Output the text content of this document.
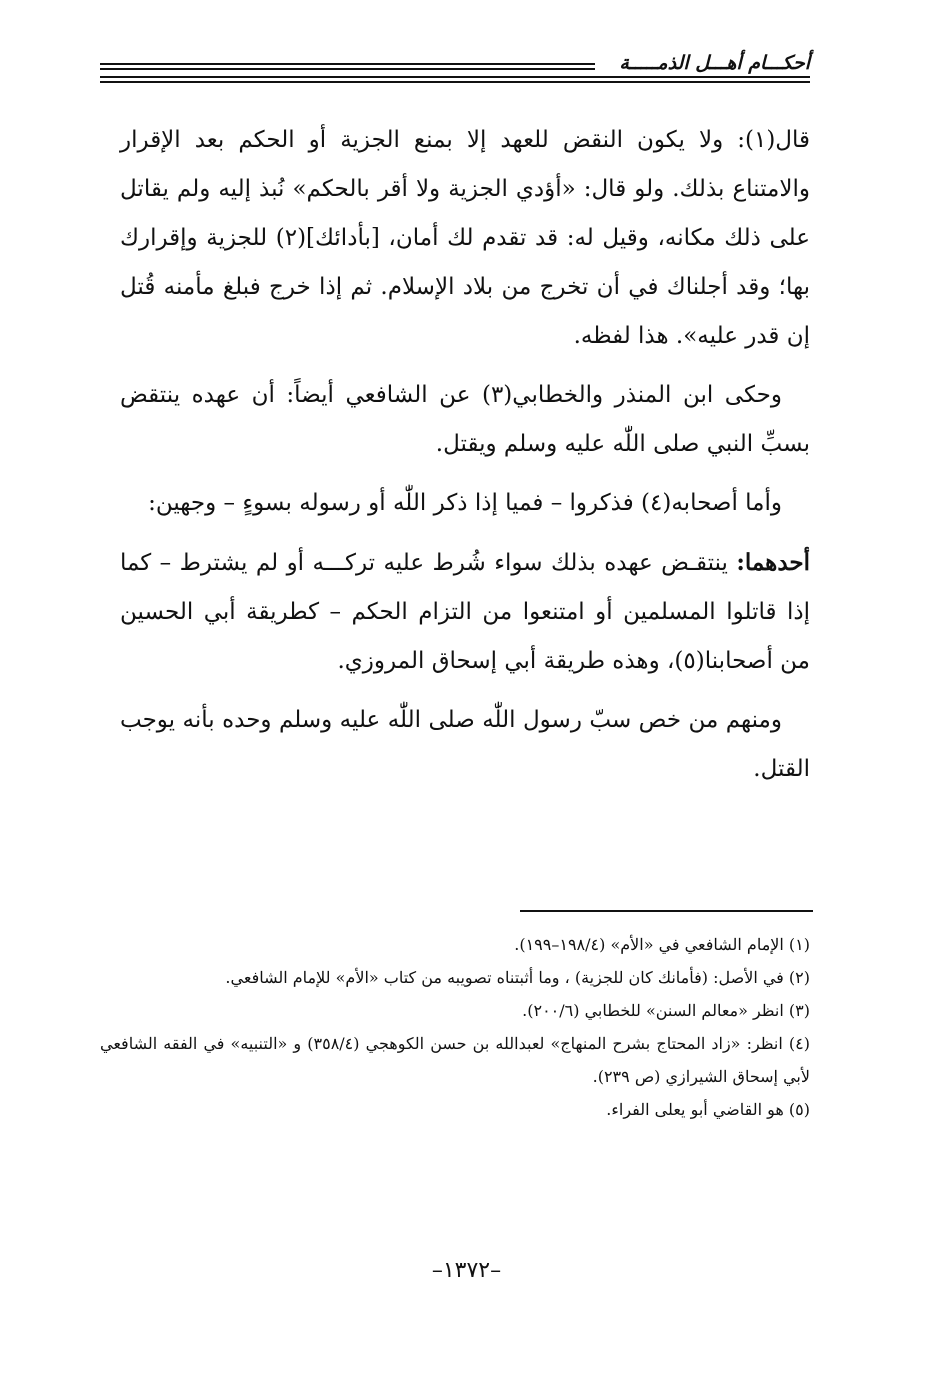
أحكـــام أهـــل الذمـــــة

قال(١): ولا يكون النقض للعهد إلا بمنع الجزية أو الحكم بعد الإقرار والامتناع بذلك. ولو قال: «أؤدي الجزية ولا أقر بالحكم» نُبذ إليه ولم يقاتل على ذلك مكانه، وقيل له: قد تقدم لك أمان، [بأدائك](٢) للجزية وإقرارك بها؛ وقد أجلناك في أن تخرج من بلاد الإسلام. ثم إذا خرج فبلغ مأمنه قُتل إن قدر عليه». هذا لفظه.

وحكى ابن المنذر والخطابي(٣) عن الشافعي أيضاً: أن عهده ينتقض بسبِّ النبي صلى اللّٰه عليه وسلم ويقتل.

وأما أصحابه(٤) فذكروا – فميا إذا ذكر اللّٰه أو رسوله بسوءٍ – وجهين:

أحدهما: ينتقـض عهده بذلك سواء شُرط عليه تركـــه أو لم يشترط – كما إذا قاتلوا المسلمين أو امتنعوا من التزام الحكم – كطريقة أبي الحسين من أصحابنا(٥)، وهذه طريقة أبي إسحاق المروزي.

ومنهم من خص سبّ رسول اللّٰه صلى اللّٰه عليه وسلم وحده بأنه يوجب القتل.

(١) الإمام الشافعي في «الأم» (١٩٨/٤–١٩٩).

(٢) في الأصل: (فأمانك كان للجزية) ، وما أثبتناه تصويبه من كتاب «الأم» للإمام الشافعي.

(٣) انظر «معالم السنن» للخطابي (٢٠٠/٦).

(٤) انظر: «زاد المحتاج بشرح المنهاج» لعبدالله بن حسن الكوهجي (٣٥٨/٤) و «التنبيه» في الفقه الشافعي لأبي إسحاق الشيرازي (ص ٢٣٩).

(٥) هو القاضي أبو يعلى الفراء.

–١٣٧٢–
